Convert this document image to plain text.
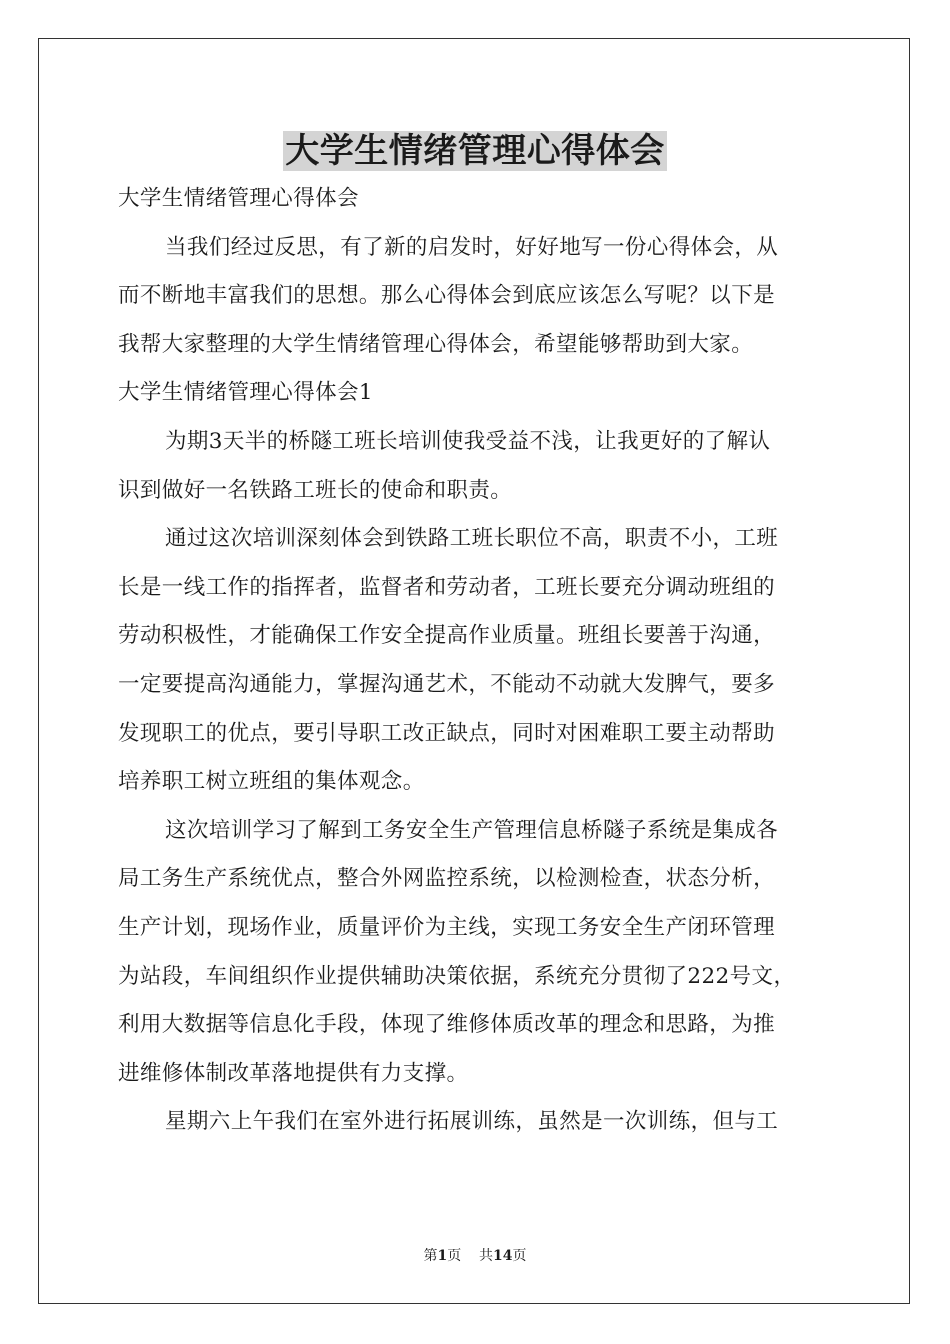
大学生情绪管理心得体会

大学生情绪管理心得体会

当我们经过反思，有了新的启发时，好好地写一份心得体会，从

而不断地丰富我们的思想。那么心得体会到底应该怎么写呢？以下是

我帮大家整理的大学生情绪管理心得体会，希望能够帮助到大家。

大学生情绪管理心得体会1

为期3天半的桥隧工班长培训使我受益不浅，让我更好的了解认

识到做好一名铁路工班长的使命和职责。

通过这次培训深刻体会到铁路工班长职位不高，职责不小，工班

长是一线工作的指挥者，监督者和劳动者，工班长要充分调动班组的

劳动积极性，才能确保工作安全提高作业质量。班组长要善于沟通，

一定要提高沟通能力，掌握沟通艺术，不能动不动就大发脾气，要多

发现职工的优点，要引导职工改正缺点，同时对困难职工要主动帮助

培养职工树立班组的集体观念。

这次培训学习了解到工务安全生产管理信息桥隧子系统是集成各

局工务生产系统优点，整合外网监控系统，以检测检查，状态分析，

生产计划，现场作业，质量评价为主线，实现工务安全生产闭环管理

为站段，车间组织作业提供辅助决策依据，系统充分贯彻了222号文，

利用大数据等信息化手段，体现了维修体质改革的理念和思路，为推

进维修体制改革落地提供有力支撑。

星期六上午我们在室外进行拓展训练，虽然是一次训练，但与工

第1页 共14页
